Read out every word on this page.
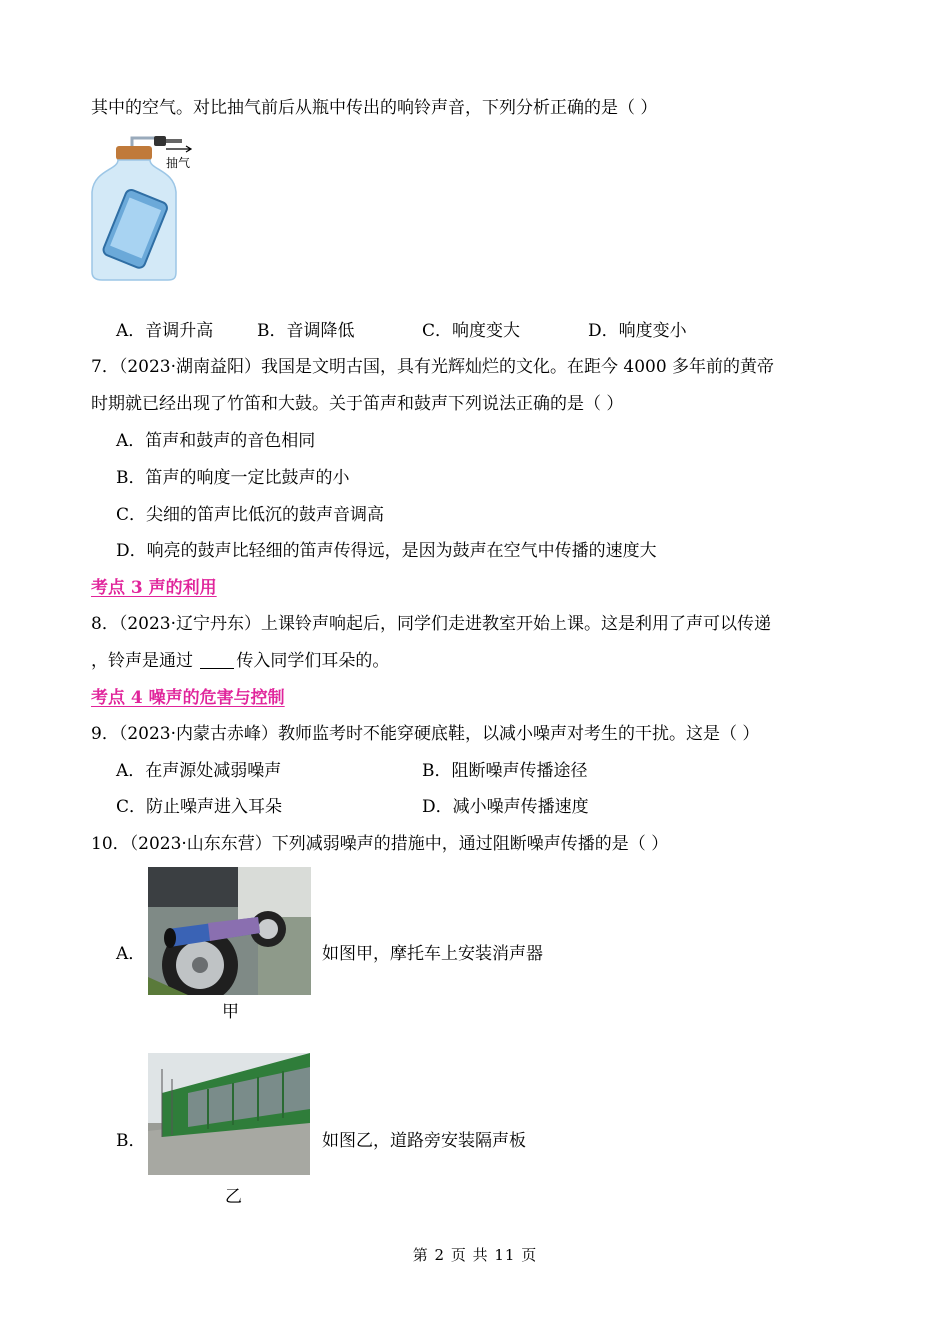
其中的空气。对比抽气前后从瓶中传出的响铃声音，下列分析正确的是（ ）
抽气
A．音调升高	B．音调降低	C．响度变大	D．响度变小
7．（2023·湖南益阳）我国是文明古国，具有光辉灿烂的文化。在距今 4000 多年前的黄帝
时期就已经出现了竹笛和大鼓。关于笛声和鼓声下列说法正确的是（ ）
A．笛声和鼓声的音色相同
B．笛声的响度一定比鼓声的小
C．尖细的笛声比低沉的鼓声音调高
D．响亮的鼓声比轻细的笛声传得远，是因为鼓声在空气中传播的速度大
考点 3 声的利用
8．（2023·辽宁丹东）上课铃声响起后，同学们走进教室开始上课。这是利用了声可以传递
，铃声是通过 传入同学们耳朵的。
考点 4 噪声的危害与控制
9．（2023·内蒙古赤峰）教师监考时不能穿硬底鞋，以减小噪声对考生的干扰。这是（ ）
A．在声源处减弱噪声	B．阻断噪声传播途径
C．防止噪声进入耳朵	D．减小噪声传播速度
10．（2023·山东东营）下列减弱噪声的措施中，通过阻断噪声传播的是（ ）
A．	如图甲，摩托车上安装消声器
甲
B．	如图乙，道路旁安装隔声板
乙
第 2 页 共 11 页
